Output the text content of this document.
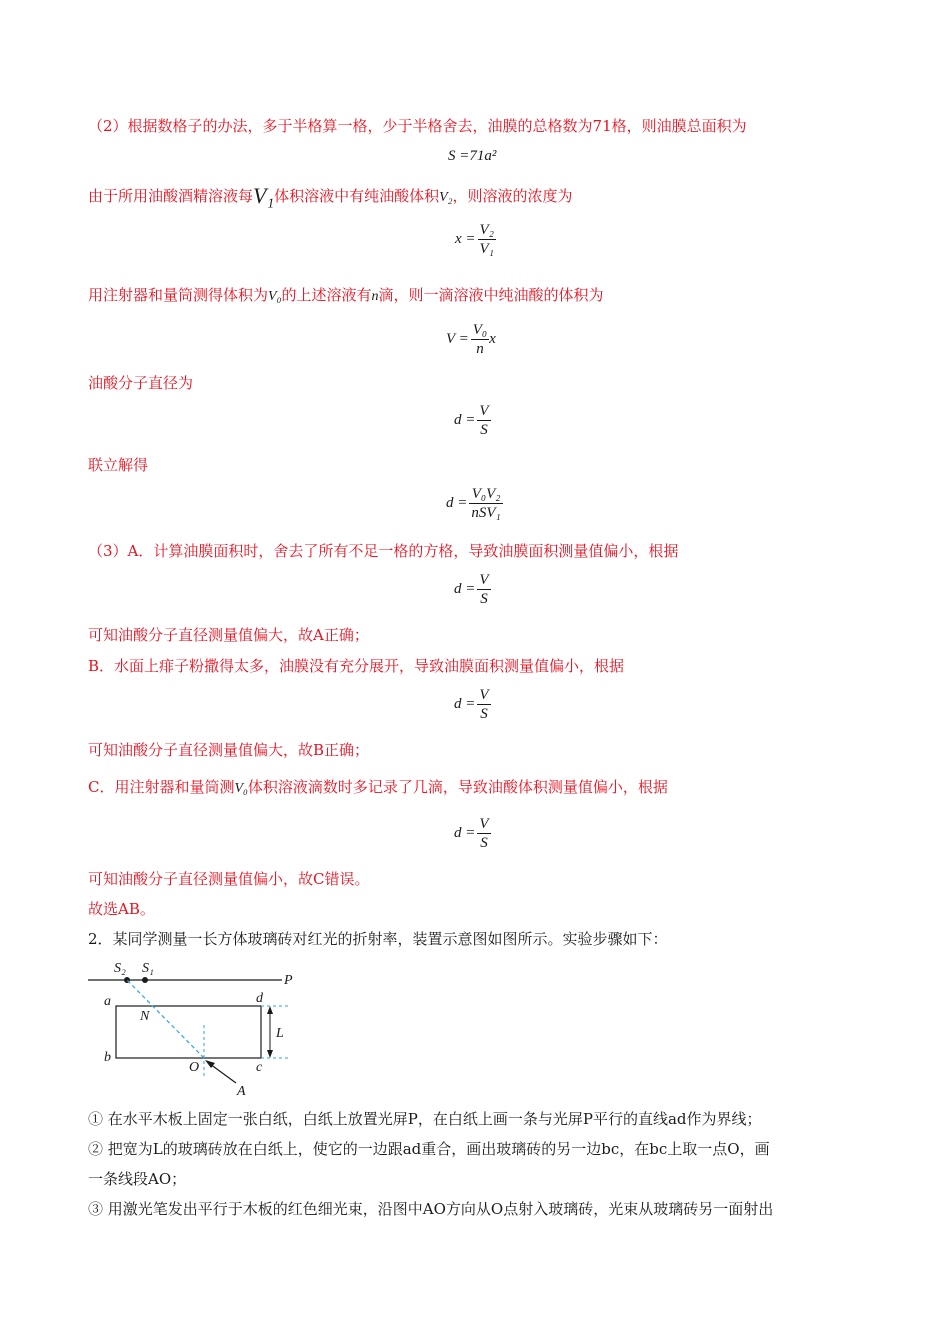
（2）根据数格子的办法，多于半格算一格，少于半格舍去，油膜的总格数为71格，则油膜总面积为
S =71a²
由于所用油酸酒精溶液每V₁体积溶液中有纯油酸体积V₂，则溶液的浓度为
$x = \frac{\text{V₂}}{\text{V₁}}$
用注射器和量筒测得体积为V₀的上述溶液有n滴，则一滴溶液中纯油酸的体积为
$V = \frac{\text{V₀}}{n}$ x
油酸分子直径为
$d = \frac{V}{S}$
联立解得
$d = \frac{\text{V₀V₂}}{\text{nSV₁}}$
（3）A．计算油膜面积时，舍去了所有不足一格的方格，导致油膜面积测量值偏小，根据
$d = \frac{V}{S}$
可知油酸分子直径测量值偏大，故A正确；
B．水面上痱子粉撒得太多，油膜没有充分展开，导致油膜面积测量值偏小，根据
$d = \frac{V}{S}$
可知油酸分子直径测量值偏大，故B正确；
C．用注射器和量筒测V₀体积溶液滴数时多记录了几滴，导致油酸体积测量值偏小，根据
$d = \frac{V}{S}$
可知油酸分子直径测量值偏小，故C错误。
故选AB。
2．某同学测量一长方体玻璃砖对红光的折射率，装置示意图如图所示。实验步骤如下：
S₂ S₁
P
a	d
N
L
b
O	c
A
① 在水平木板上固定一张白纸，白纸上放置光屏P，在白纸上画一条与光屏P平行的直线ad作为界线；
② 把宽为L的玻璃砖放在白纸上，使它的一边跟ad重合，画出玻璃砖的另一边bc，在bc上取一点O，画
一条线段AO；
③ 用激光笔发出平行于木板的红色细光束，沿图中AO方向从O点射入玻璃砖，光束从玻璃砖另一面射出
